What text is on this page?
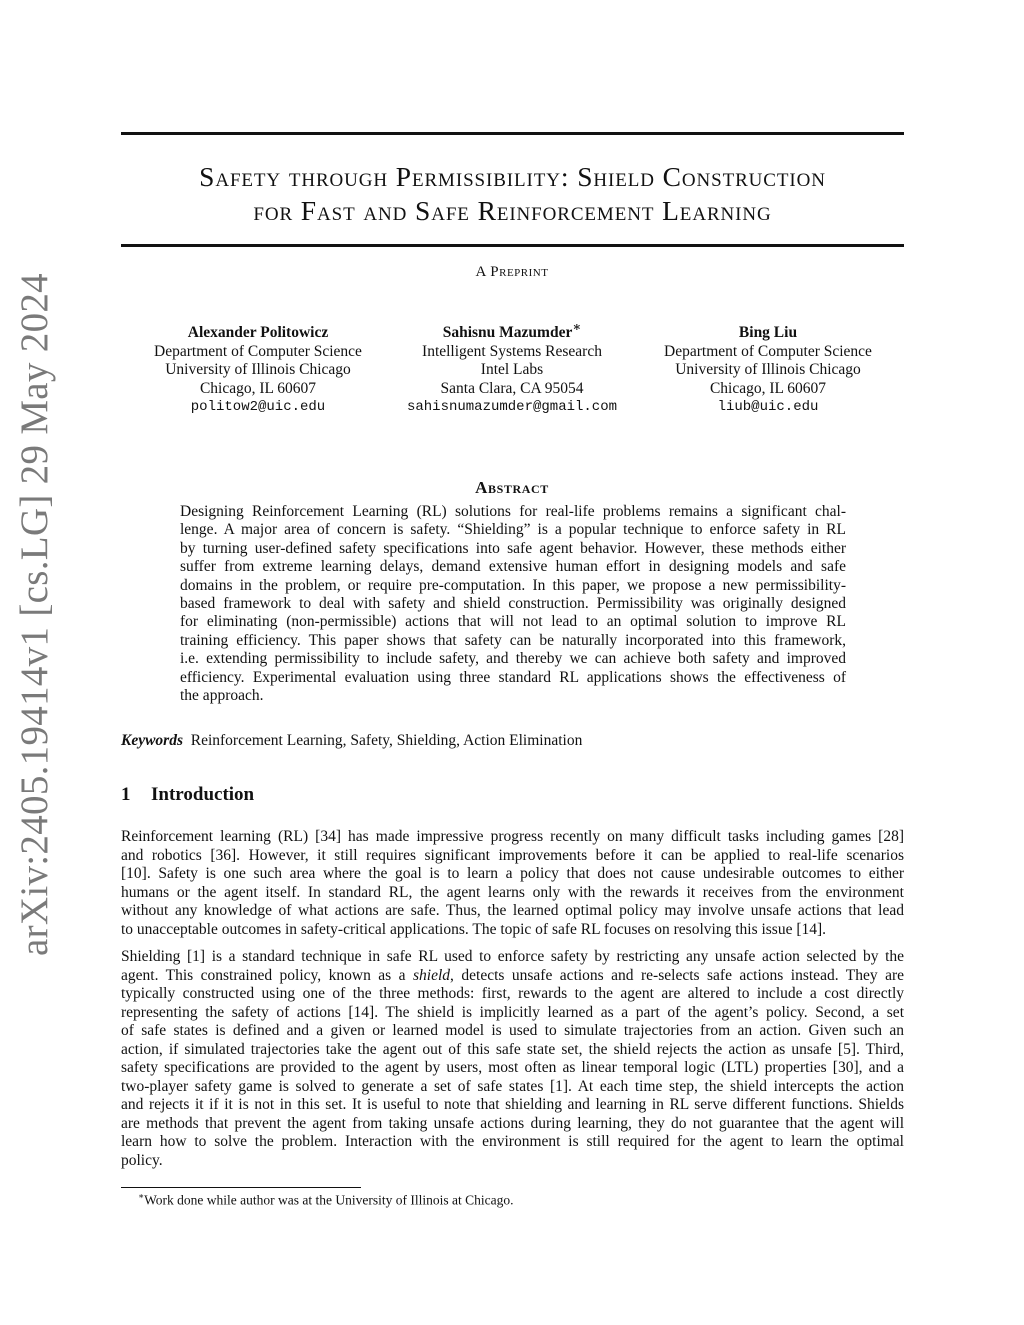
arXiv:2405.19414v1 [cs.LG] 29 May 2024
Safety through Permissibility: Shield Construction
for Fast and Safe Reinforcement Learning
A Preprint
Alexander Politowicz
Department of Computer Science
University of Illinois Chicago
Chicago, IL 60607
politow2@uic.edu
Sahisnu Mazumder∗
Intelligent Systems Research
Intel Labs
Santa Clara, CA 95054
sahisnumazumder@gmail.com
Bing Liu
Department of Computer Science
University of Illinois Chicago
Chicago, IL 60607
liub@uic.edu
Abstract
Designing Reinforcement Learning (RL) solutions for real-life problems remains a significant chal-
lenge. A major area of concern is safety. “Shielding” is a popular technique to enforce safety in RL
by turning user-defined safety specifications into safe agent behavior. However, these methods either
suffer from extreme learning delays, demand extensive human effort in designing models and safe
domains in the problem, or require pre-computation. In this paper, we propose a new permissibility-
based framework to deal with safety and shield construction. Permissibility was originally designed
for eliminating (non-permissible) actions that will not lead to an optimal solution to improve RL
training efficiency. This paper shows that safety can be naturally incorporated into this framework,
i.e. extending permissibility to include safety, and thereby we can achieve both safety and improved
efficiency. Experimental evaluation using three standard RL applications shows the effectiveness of
the approach.
Keywords Reinforcement Learning, Safety, Shielding, Action Elimination
1 Introduction
Reinforcement learning (RL) [34] has made impressive progress recently on many difficult tasks including games [28]
and robotics [36]. However, it still requires significant improvements before it can be applied to real-life scenarios
[10]. Safety is one such area where the goal is to learn a policy that does not cause undesirable outcomes to either
humans or the agent itself. In standard RL, the agent learns only with the rewards it receives from the environment
without any knowledge of what actions are safe. Thus, the learned optimal policy may involve unsafe actions that lead
to unacceptable outcomes in safety-critical applications. The topic of safe RL focuses on resolving this issue [14].
Shielding [1] is a standard technique in safe RL used to enforce safety by restricting any unsafe action selected by the
agent. This constrained policy, known as a shield, detects unsafe actions and re-selects safe actions instead. They are
typically constructed using one of the three methods: first, rewards to the agent are altered to include a cost directly
representing the safety of actions [14]. The shield is implicitly learned as a part of the agent’s policy. Second, a set
of safe states is defined and a given or learned model is used to simulate trajectories from an action. Given such an
action, if simulated trajectories take the agent out of this safe state set, the shield rejects the action as unsafe [5]. Third,
safety specifications are provided to the agent by users, most often as linear temporal logic (LTL) properties [30], and a
two-player safety game is solved to generate a set of safe states [1]. At each time step, the shield intercepts the action
and rejects it if it is not in this set. It is useful to note that shielding and learning in RL serve different functions. Shields
are methods that prevent the agent from taking unsafe actions during learning, they do not guarantee that the agent will
learn how to solve the problem. Interaction with the environment is still required for the agent to learn the optimal
policy.
∗Work done while author was at the University of Illinois at Chicago.
